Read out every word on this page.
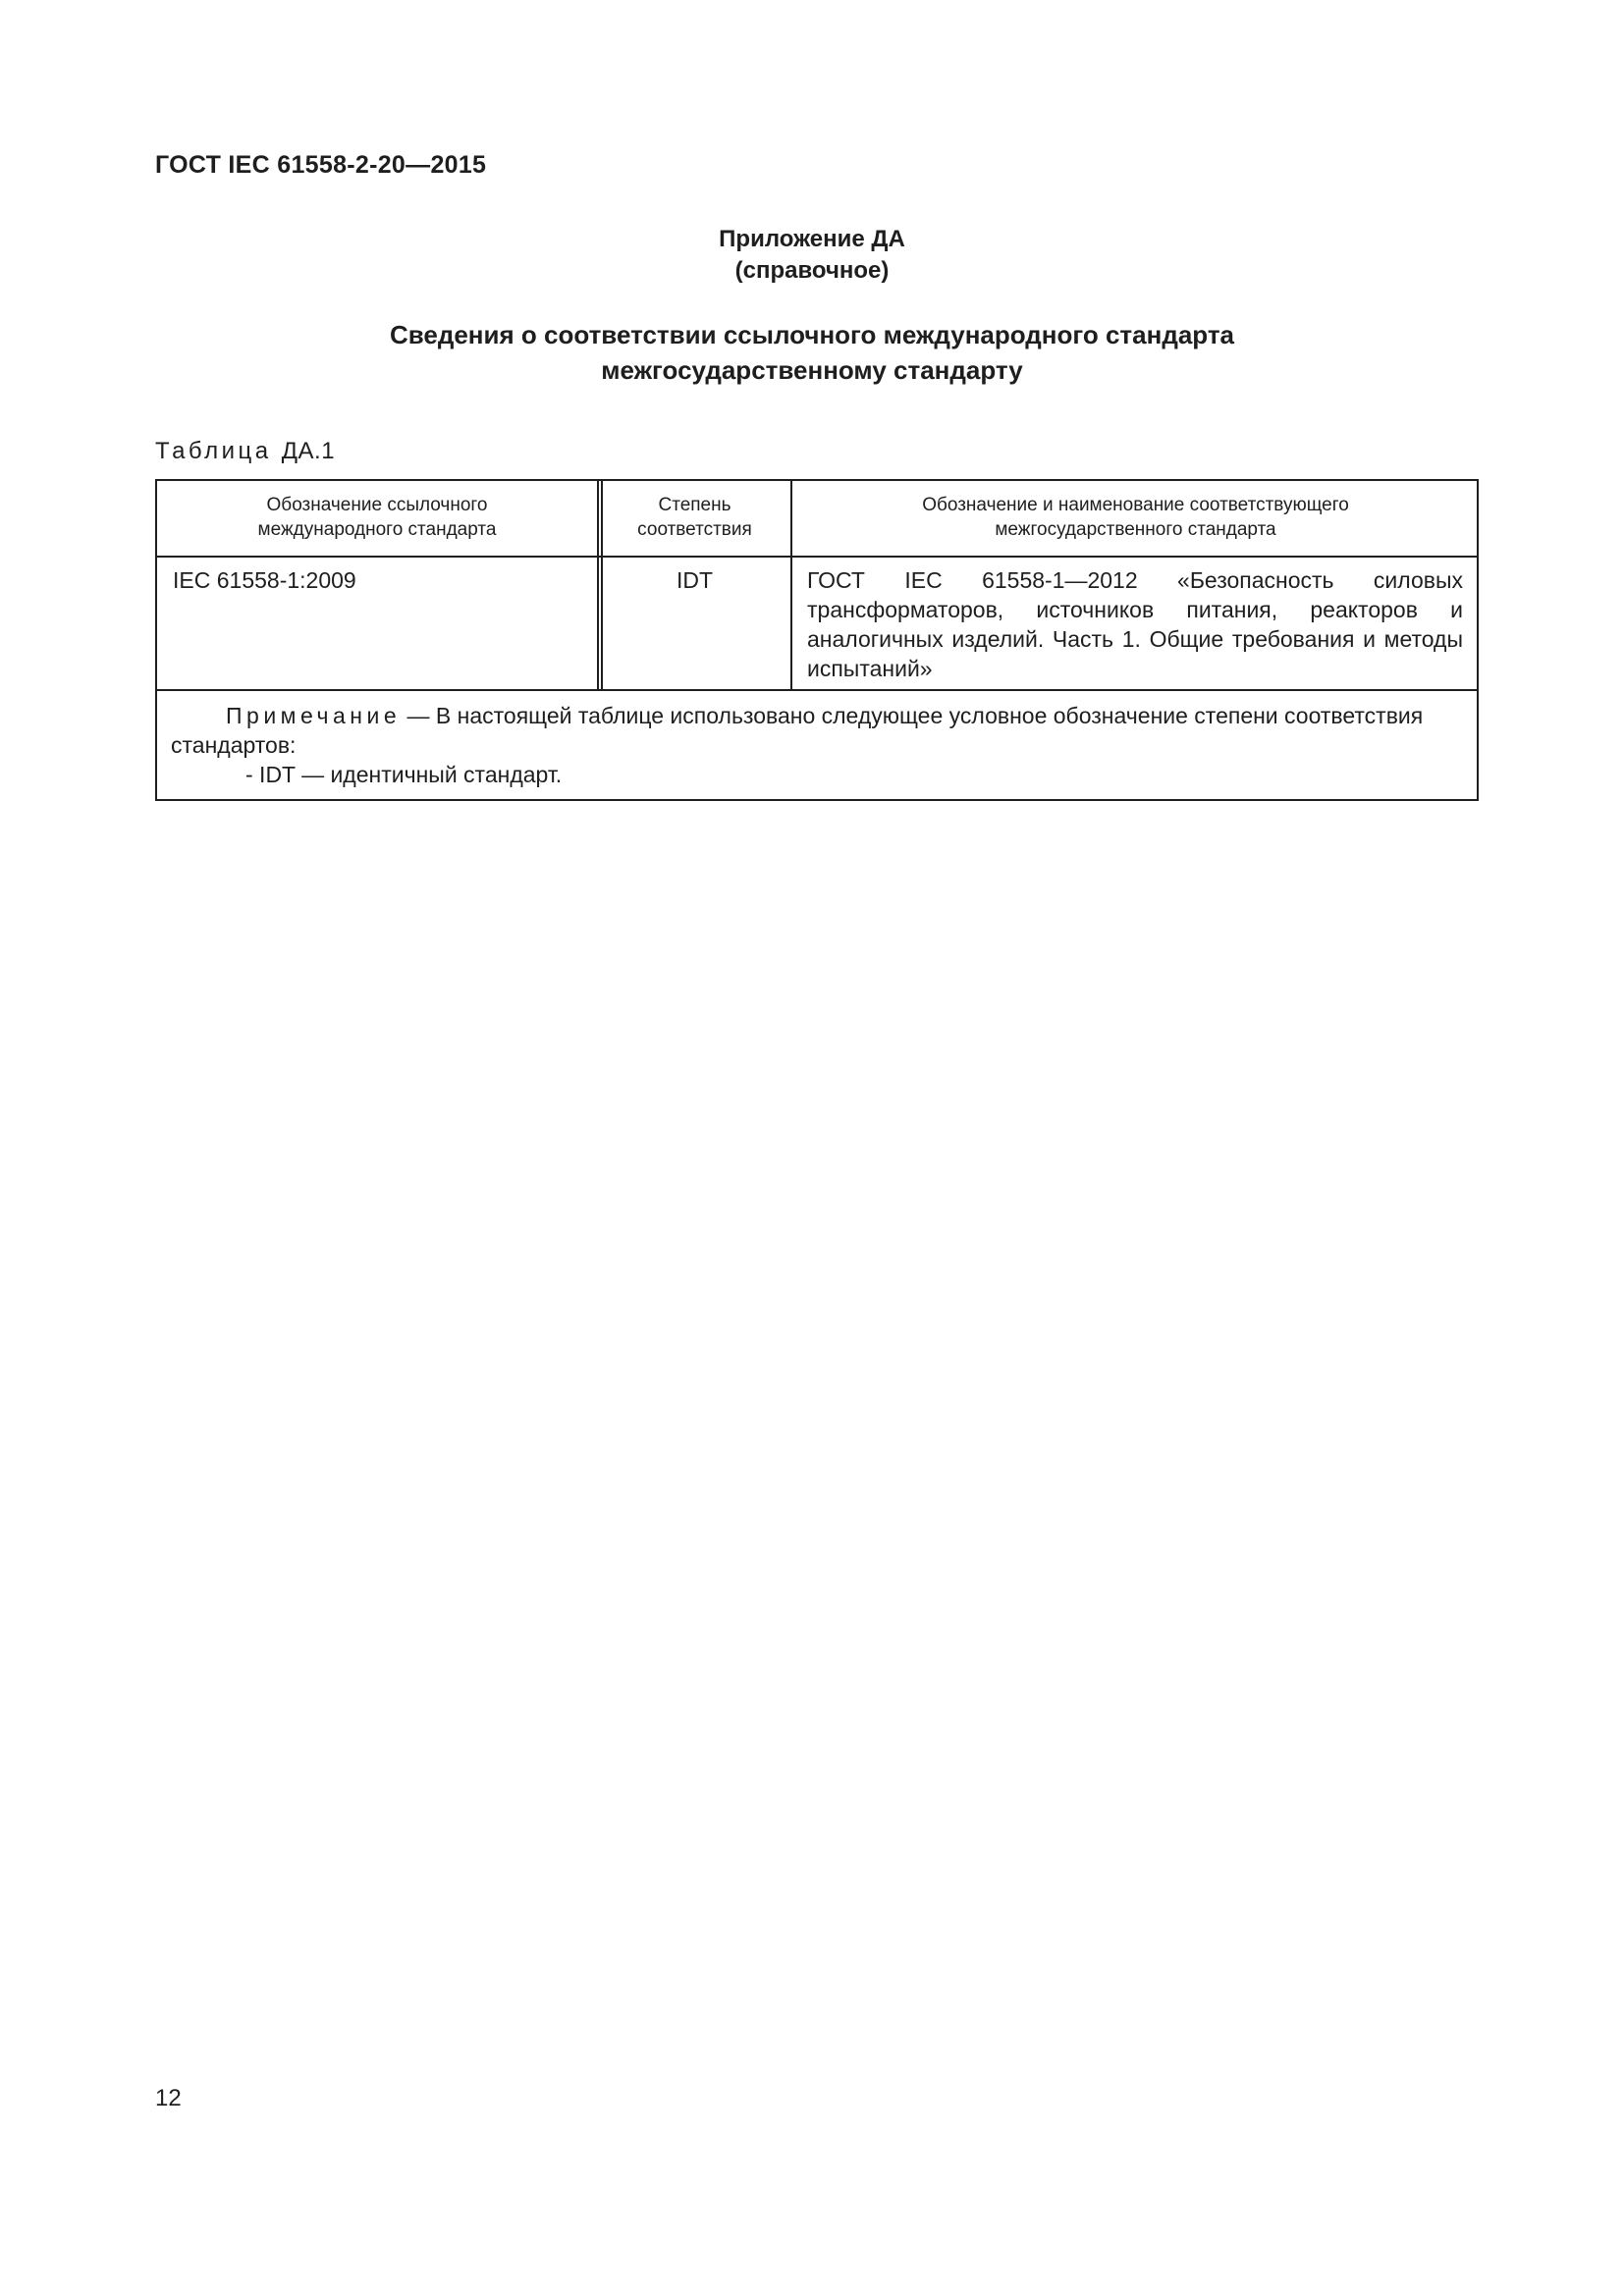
ГОСТ IEC 61558-2-20—2015
Приложение ДА
(справочное)
Сведения о соответствии ссылочного международного стандарта
межгосударственному стандарту
Таблица ДА.1
Обозначение ссылочного
международного стандарта
Степень
соответствия
Обозначение и наименование соответствующего
межгосударственного стандарта
IEC 61558-1:2009	IDT	ГОСТ IEC 61558-1—2012 «Безопасность силовых трансформаторов, источников питания, реакторов и аналогичных изделий. Часть 1. Общие требования и методы испытаний»
Примечание — В настоящей таблице использовано следующее условное обозначение степени соответствия стандартов:
- IDT — идентичный стандарт.
12
